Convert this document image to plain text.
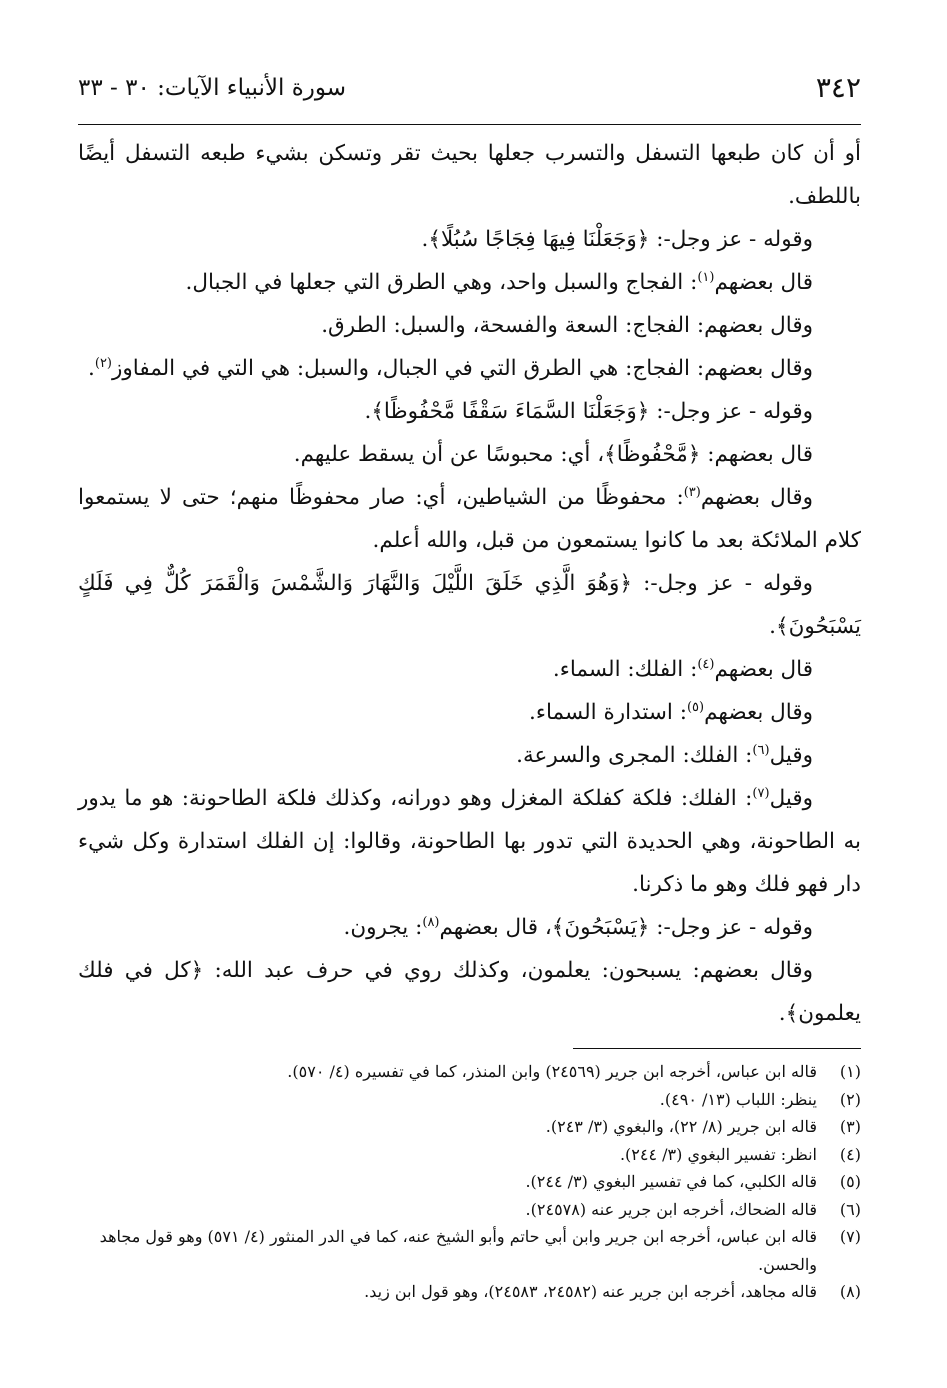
٣٤٢
سورة الأنبياء الآيات: ٣٠ - ٣٣

أو أن كان طبعها التسفل والتسرب جعلها بحيث تقر وتسكن بشيء طبعه التسفل أيضًا باللطف.

وقوله - عز وجل-: ﴿وَجَعَلْنَا فِيهَا فِجَاجًا سُبُلًا﴾.

قال بعضهم$^{(١)}$: الفجاج والسبل واحد، وهي الطرق التي جعلها في الجبال.

وقال بعضهم: الفجاج: السعة والفسحة، والسبل: الطرق.

وقال بعضهم: الفجاج: هي الطرق التي في الجبال، والسبل: هي التي في المفاوز$^{(٢)}$.

وقوله - عز وجل-: ﴿وَجَعَلْنَا السَّمَاءَ سَقْفًا مَّحْفُوظًا﴾.

قال بعضهم: ﴿مَّحْفُوظًا﴾، أي: محبوسًا عن أن يسقط عليهم.

وقال بعضهم$^{(٣)}$: محفوظًا من الشياطين، أي: صار محفوظًا منهم؛ حتى لا يستمعوا كلام الملائكة بعد ما كانوا يستمعون من قبل، والله أعلم.

وقوله - عز وجل-: ﴿وَهُوَ الَّذِي خَلَقَ اللَّيْلَ وَالنَّهَارَ وَالشَّمْسَ وَالْقَمَرَ كُلٌّ فِي فَلَكٍ يَسْبَحُونَ﴾.

قال بعضهم$^{(٤)}$: الفلك: السماء.

وقال بعضهم$^{(٥)}$: استدارة السماء.

وقيل$^{(٦)}$: الفلك: المجرى والسرعة.

وقيل$^{(٧)}$: الفلك: فلكة كفلكة المغزل وهو دورانه، وكذلك فلكة الطاحونة: هو ما يدور به الطاحونة، وهي الحديدة التي تدور بها الطاحونة، وقالوا: إن الفلك استدارة وكل شيء دار فهو فلك وهو ما ذكرنا.

وقوله - عز وجل-: ﴿يَسْبَحُونَ﴾، قال بعضهم$^{(٨)}$: يجرون.

وقال بعضهم: يسبحون: يعلمون، وكذلك روي في حرف عبد الله: ﴿كل في فلك يعلمون﴾.

(١)
قاله ابن عباس، أخرجه ابن جرير (٢٤٥٦٩) وابن المنذر، كما في تفسيره (٤/ ٥٧٠).

(٢)
ينظر: اللباب (١٣/ ٤٩٠).

(٣)
قاله ابن جرير (٨/ ٢٢)، والبغوي (٣/ ٢٤٣).

(٤)
انظر: تفسير البغوي (٣/ ٢٤٤).

(٥)
قاله الكلبي، كما في تفسير البغوي (٣/ ٢٤٤).

(٦)
قاله الضحاك، أخرجه ابن جرير عنه (٢٤٥٧٨).

(٧)
قاله ابن عباس، أخرجه ابن جرير وابن أبي حاتم وأبو الشيخ عنه، كما في الدر المنثور (٤/ ٥٧١) وهو قول مجاهد والحسن.

(٨)
قاله مجاهد، أخرجه ابن جرير عنه (٢٤٥٨٢، ٢٤٥٨٣)، وهو قول ابن زيد.
